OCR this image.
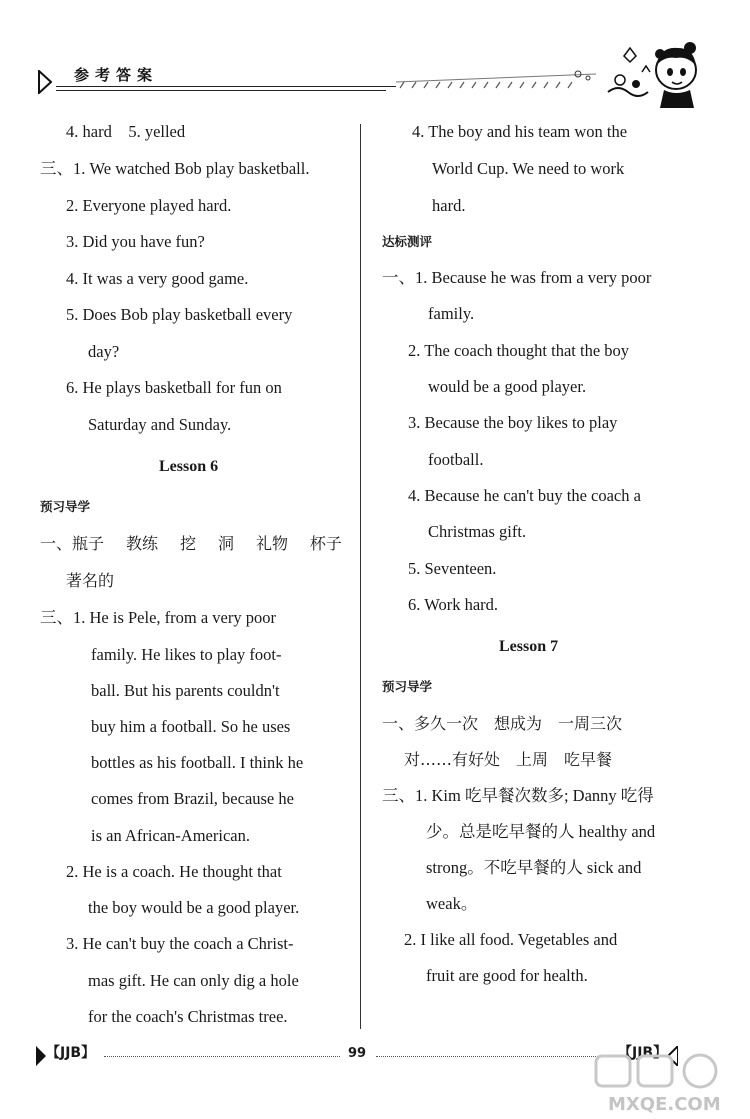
参考答案
4. hard　5. yelled
三、1. We watched Bob play basketball.
2. Everyone played hard.
3. Did you have fun?
4. It was a very good game.
5. Does Bob play basketball every
day?
6. He plays basketball for fun on
Saturday and Sunday.
Lesson 6
预习导学
一、瓶子 教练 挖 洞 礼物 杯子
著名的
三、1. He is Pele, from a very poor
family. He likes to play foot-
ball. But his parents couldn't
buy him a football. So he uses
bottles as his football. I think he
comes from Brazil, because he
is an African-American.
2. He is a coach. He thought that
the boy would be a good player.
3. He can't buy the coach a Christ-
mas gift. He can only dig a hole
for the coach's Christmas tree.
4. The boy and his team won the
World Cup. We need to work
hard.
达标测评
一、1. Because he was from a very poor
family.
2. The coach thought that the boy
would be a good player.
3. Because the boy likes to play
football.
4. Because he can't buy the coach a
Christmas gift.
5. Seventeen.
6. Work hard.
Lesson 7
预习导学
一、多久一次　想成为　一周三次
对……有好处　上周　吃早餐
三、1. Kim 吃早餐次数多; Danny 吃得
少。总是吃早餐的人 healthy and
strong。不吃早餐的人 sick and
weak。
2. I like all food. Vegetables and
fruit are good for health.
【JJB】	99	【JJB】
MXQE.COM
